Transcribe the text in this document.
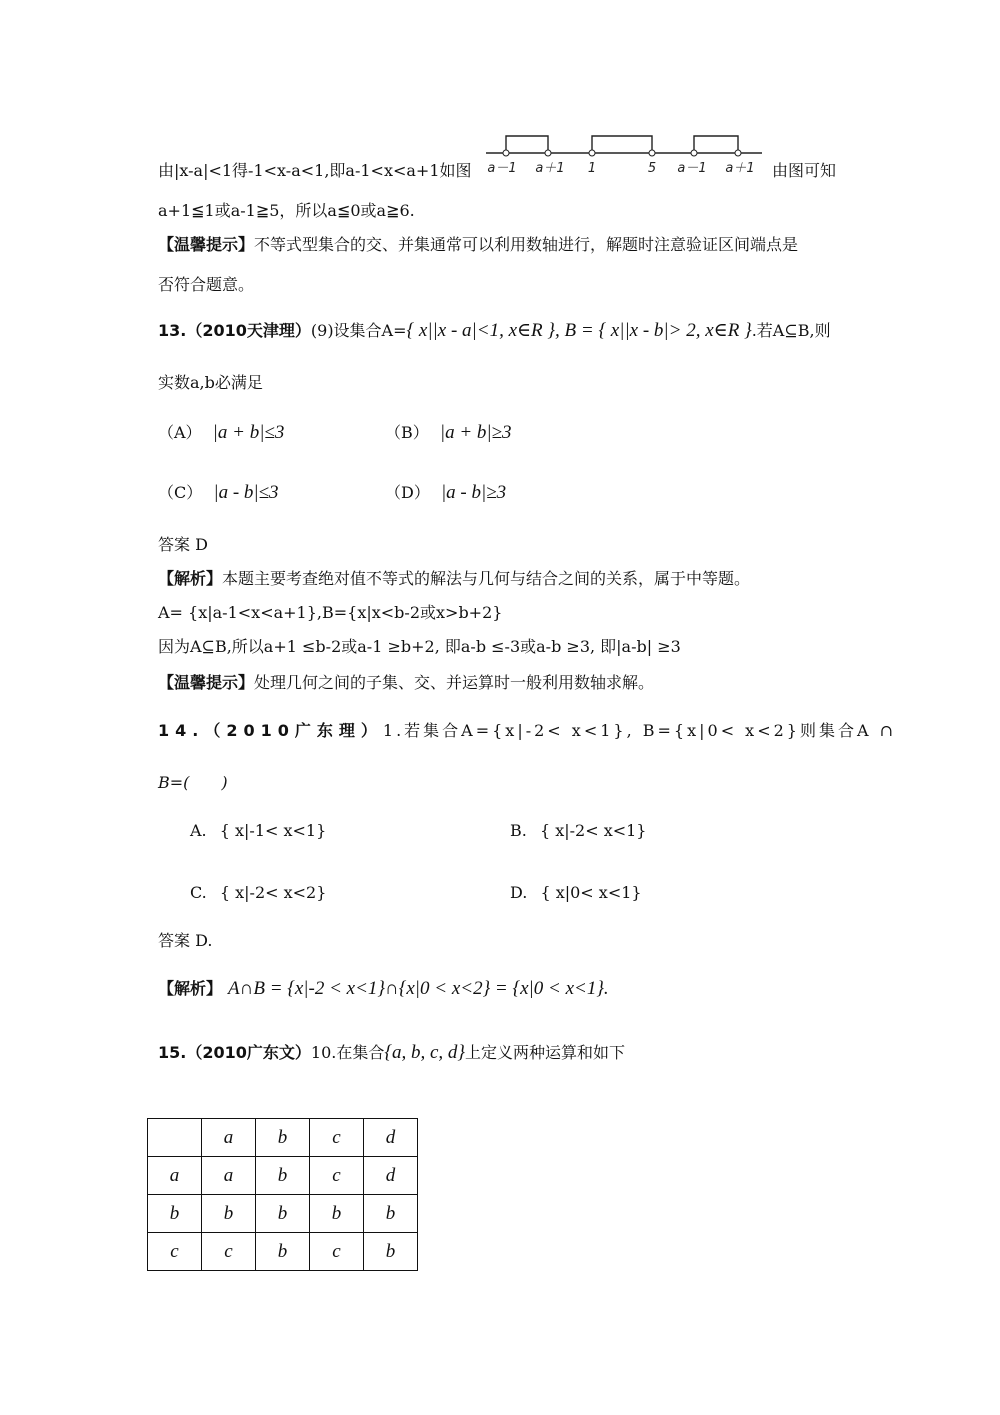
由|x-a|<1得-1<x-a<1,即a-1<x<a+1如图 a－1 a＋1 1	5 a－1 a＋1 由图可知
a+1≦1或a-1≧5，所以a≦0或a≧6.
【温馨提示】不等式型集合的交、并集通常可以利用数轴进行，解题时注意验证区间端点是
否符合题意。
13.（2010天津理）(9)设集合A={ x||x - a|<1, x∈R }, B = { x||x - b|> 2, x∈R }.若A⊆B,则
实数a,b必满足
（A） |a + b|≤3	（B） |a + b|≥3
（C） |a - b|≤3	（D） |a - b|≥3
答案 D
【解析】本题主要考查绝对值不等式的解法与几何与结合之间的关系，属于中等题。
A= {x|a-1<x<a+1},B={x|x<b-2或x>b+2}
因为A⊆B,所以a+1 ≤b-2或a-1 ≥b+2, 即a-b ≤-3或a-b ≥3, 即|a-b| ≥3
【温馨提示】处理几何之间的子集、交、并运算时一般利用数轴求解。
14.（2010广东理）1.若集合A={x|-2< x<1}, B={x|0< x<2}则集合A ∩
B=(　　)
A. { x|-1< x<1}	B. { x|-2< x<1}
C. { x|-2< x<2}	D. { x|0< x<1}
答案 D.
【解析】 A∩B = {x|-2 < x<1}∩{x|0 < x<2} = {x|0 < x<1}.
15.（2010广东文）10.在集合{a, b, c, d}上定义两种运算和如下
	a	b	c	d
a	a	b	c	d
b	b	b	b	b
c	c	b	c	b
